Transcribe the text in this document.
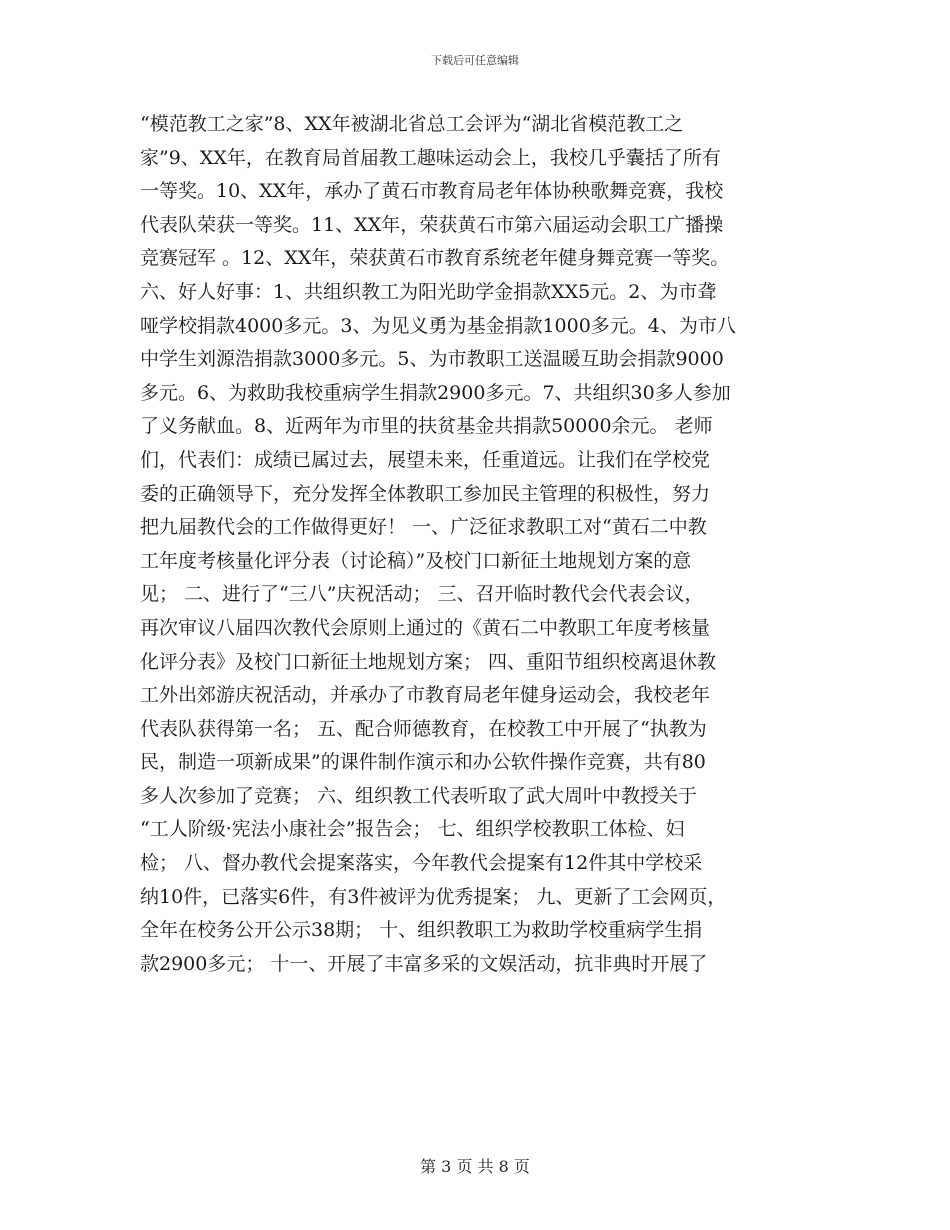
下载后可任意编辑
“模范教工之家”8、XX年被湖北省总工会评为“湖北省模范教工之
家”9、XX年，在教育局首届教工趣味运动会上，我校几乎囊括了所有
一等奖。10、XX年，承办了黄石市教育局老年体协秧歌舞竞赛，我校
代表队荣获一等奖。11、XX年，荣获黄石市第六届运动会职工广播操
竞赛冠军 。12、XX年，荣获黄石市教育系统老年健身舞竞赛一等奖。
六、好人好事：1、共组织教工为阳光助学金捐款XX5元。2、为市聋
哑学校捐款4000多元。3、为见义勇为基金捐款1000多元。4、为市八
中学生刘源浩捐款3000多元。5、为市教职工送温暖互助会捐款9000
多元。6、为救助我校重病学生捐款2900多元。7、共组织30多人参加
了义务献血。8、近两年为市里的扶贫基金共捐款50000余元。 老师
们，代表们：成绩已属过去，展望未来，任重道远。让我们在学校党
委的正确领导下，充分发挥全体教职工参加民主管理的积极性，努力
把九届教代会的工作做得更好！ 一、广泛征求教职工对“黄石二中教
工年度考核量化评分表（讨论稿）”及校门口新征土地规划方案的意
见； 二、进行了“三八”庆祝活动； 三、召开临时教代会代表会议，
再次审议八届四次教代会原则上通过的《黄石二中教职工年度考核量
化评分表》及校门口新征土地规划方案； 四、重阳节组织校离退休教
工外出郊游庆祝活动，并承办了市教育局老年健身运动会，我校老年
代表队获得第一名； 五、配合师德教育，在校教工中开展了“执教为
民，制造一项新成果”的课件制作演示和办公软件操作竞赛，共有80
多人次参加了竞赛； 六、组织教工代表听取了武大周叶中教授关于
“工人阶级·宪法小康社会”报告会； 七、组织学校教职工体检、妇
检； 八、督办教代会提案落实，今年教代会提案有12件其中学校采
纳10件，已落实6件，有3件被评为优秀提案； 九、更新了工会网页，
全年在校务公开公示38期； 十、组织教职工为救助学校重病学生捐
款2900多元； 十一、开展了丰富多采的文娱活动，抗非典时开展了
第 3 页 共 8 页
